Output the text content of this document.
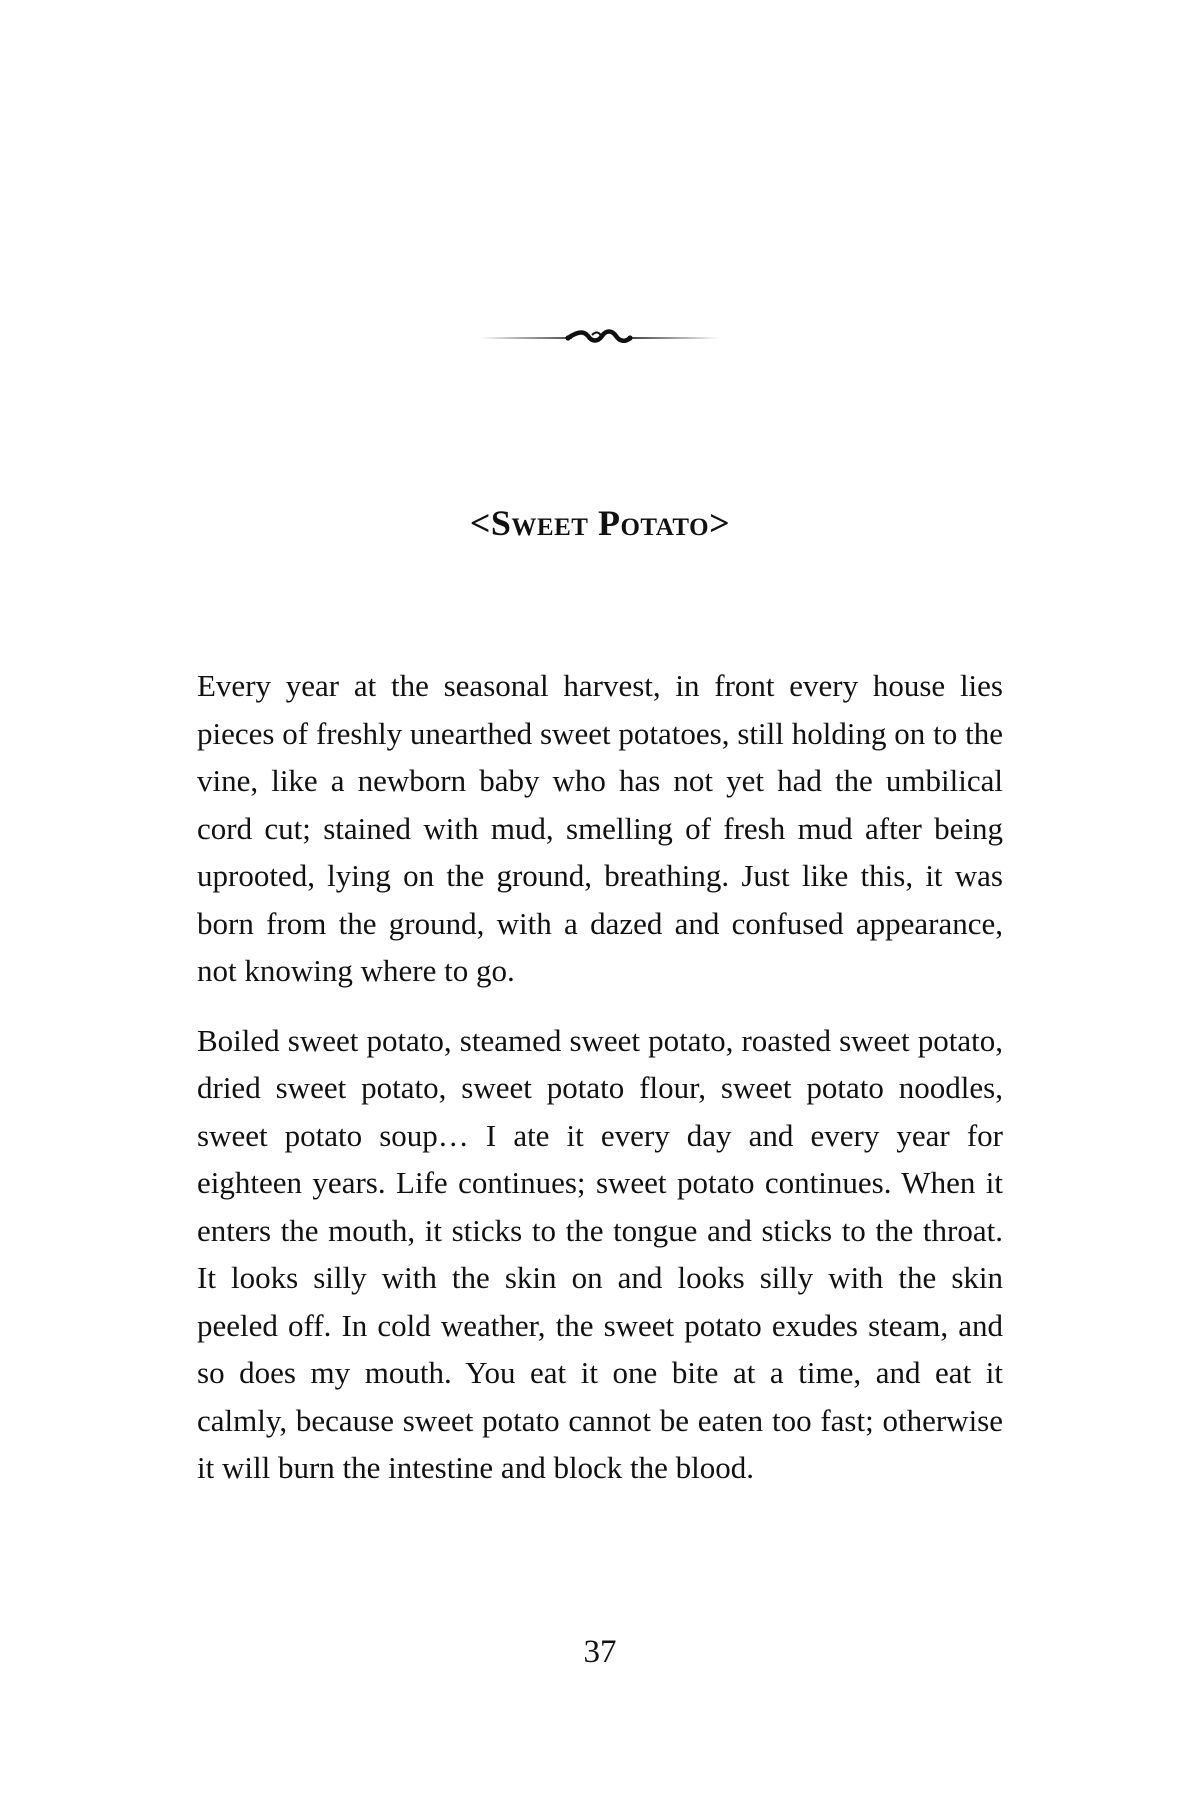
<Sweet Potato>

Every year at the seasonal harvest, in front every house lies pieces of freshly unearthed sweet potatoes, still holding on to the vine, like a newborn baby who has not yet had the umbilical cord cut; stained with mud, smelling of fresh mud after being uprooted, lying on the ground, breathing. Just like this, it was born from the ground, with a dazed and confused appearance, not knowing where to go.

Boiled sweet potato, steamed sweet potato, roasted sweet potato, dried sweet potato, sweet potato flour, sweet potato noodles, sweet potato soup… I ate it every day and every year for eighteen years. Life continues; sweet potato continues. When it enters the mouth, it sticks to the tongue and sticks to the throat. It looks silly with the skin on and looks silly with the skin peeled off. In cold weather, the sweet potato exudes steam, and so does my mouth. You eat it one bite at a time, and eat it calmly, because sweet potato cannot be eaten too fast; otherwise it will burn the intestine and block the blood.

37
